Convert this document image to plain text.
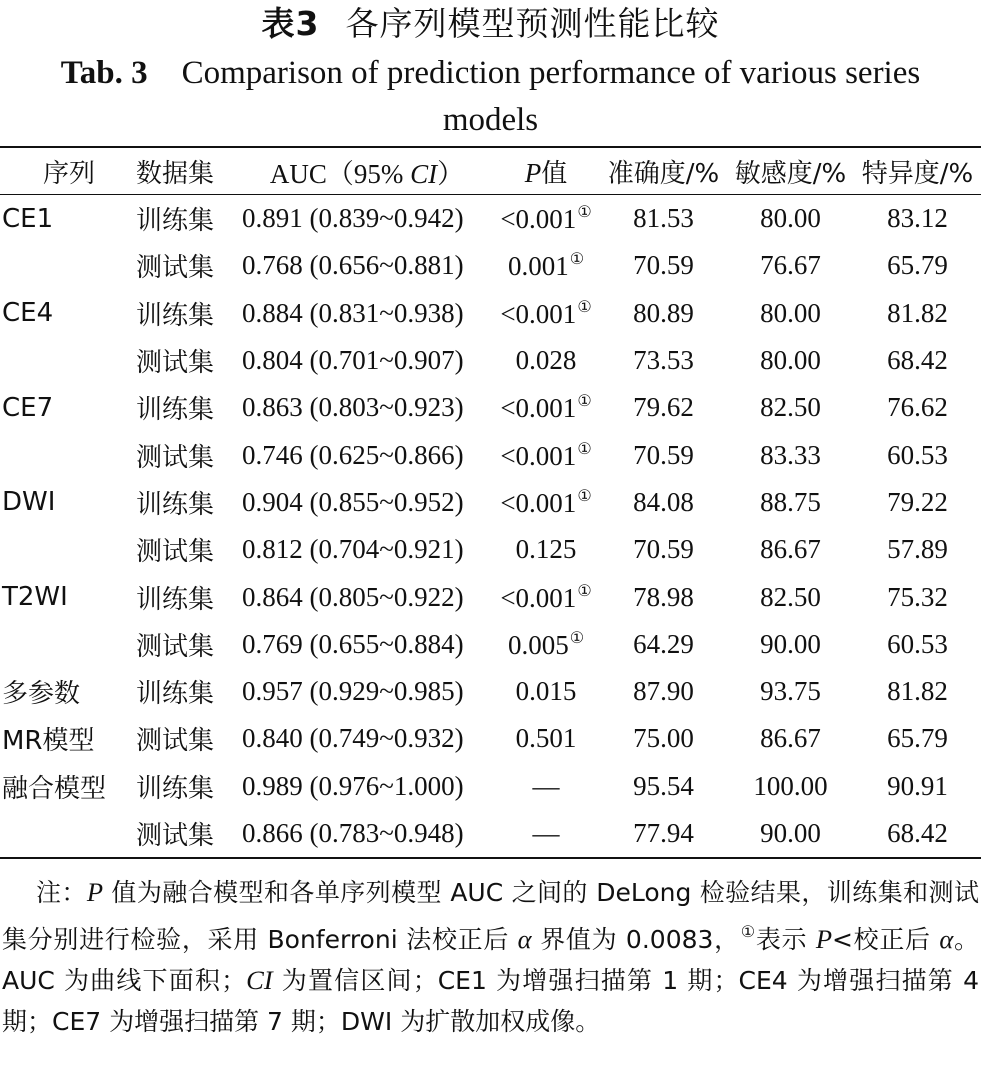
表3 各序列模型预测性能比较
Tab. 3 Comparison of prediction performance of various series models
序列	数据集	AUC（95% CI）	P值	准确度/%	敏感度/%	特异度/%
CE1	训练集	0.891 (0.839~0.942)	<0.001①	81.53	80.00	83.12
	测试集	0.768 (0.656~0.881)	0.001①	70.59	76.67	65.79
CE4	训练集	0.884 (0.831~0.938)	<0.001①	80.89	80.00	81.82
	测试集	0.804 (0.701~0.907)	0.028	73.53	80.00	68.42
CE7	训练集	0.863 (0.803~0.923)	<0.001①	79.62	82.50	76.62
	测试集	0.746 (0.625~0.866)	<0.001①	70.59	83.33	60.53
DWI	训练集	0.904 (0.855~0.952)	<0.001①	84.08	88.75	79.22
	测试集	0.812 (0.704~0.921)	0.125	70.59	86.67	57.89
T2WI	训练集	0.864 (0.805~0.922)	<0.001①	78.98	82.50	75.32
	测试集	0.769 (0.655~0.884)	0.005①	64.29	90.00	60.53
多参数	训练集	0.957 (0.929~0.985)	0.015	87.90	93.75	81.82
MR模型	测试集	0.840 (0.749~0.932)	0.501	75.00	86.67	65.79
融合模型	训练集	0.989 (0.976~1.000)	—	95.54	100.00	90.91
	测试集	0.866 (0.783~0.948)	—	77.94	90.00	68.42
注：P 值为融合模型和各单序列模型 AUC 之间的 DeLong 检验结果，训练集和测试集分别进行检验，采用 Bonferroni 法校正后 α 界值为 0.0083，①表示 P<校正后 α。AUC 为曲线下面积；CI 为置信区间；CE1 为增强扫描第 1 期；CE4 为增强扫描第 4 期；CE7 为增强扫描第 7 期；DWI 为扩散加权成像。
